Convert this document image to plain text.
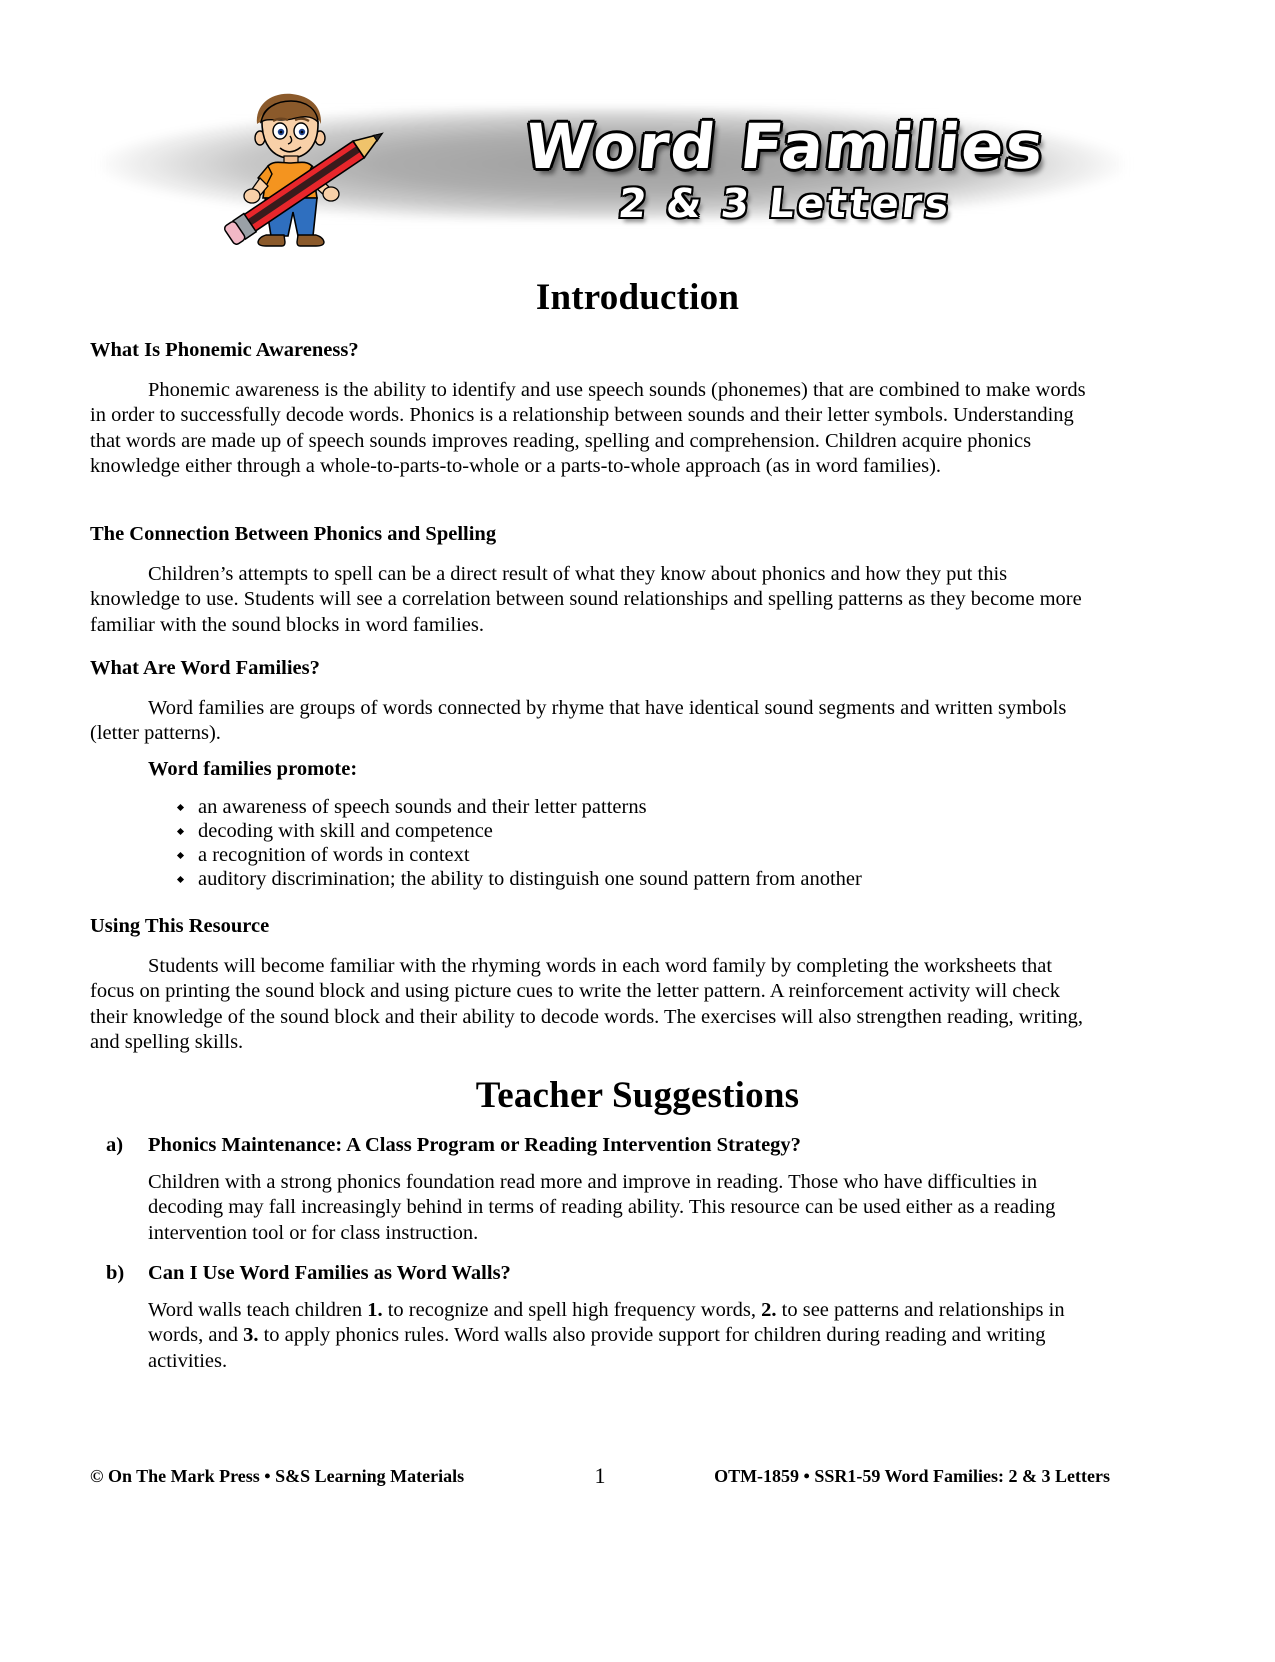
Word Families
2 & 3 Letters
Introduction
What Is Phonemic Awareness?
Phonemic awareness is the ability to identify and use speech sounds (phonemes) that are combined to make words in order to successfully decode words. Phonics is a relationship between sounds and their letter symbols. Understanding that words are made up of speech sounds improves reading, spelling and comprehension. Children acquire phonics knowledge either through a whole-to-parts-to-whole or a parts-to-whole approach (as in word families).
The Connection Between Phonics and Spelling
Children’s attempts to spell can be a direct result of what they know about phonics and how they put this knowledge to use. Students will see a correlation between sound relationships and spelling patterns as they become more familiar with the sound blocks in word families.
What Are Word Families?
Word families are groups of words connected by rhyme that have identical sound segments and written symbols (letter patterns).
Word families promote:
an awareness of speech sounds and their letter patterns
decoding with skill and competence
a recognition of words in context
auditory discrimination; the ability to distinguish one sound pattern from another
Using This Resource
Students will become familiar with the rhyming words in each word family by completing the worksheets that focus on printing the sound block and using picture cues to write the letter pattern. A reinforcement activity will check their knowledge of the sound block and their ability to decode words. The exercises will also strengthen reading, writing, and spelling skills.
Teacher Suggestions
a)	Phonics Maintenance: A Class Program or Reading Intervention Strategy?
Children with a strong phonics foundation read more and improve in reading. Those who have difficulties in decoding may fall increasingly behind in terms of reading ability. This resource can be used either as a reading intervention tool or for class instruction.
b)	Can I Use Word Families as Word Walls?
Word walls teach children 1. to recognize and spell high frequency words, 2. to see patterns and relationships in words, and 3. to apply phonics rules. Word walls also provide support for children during reading and writing activities.
© On The Mark Press • S&S Learning Materials	1	OTM-1859 • SSR1-59 Word Families: 2 & 3 Letters
